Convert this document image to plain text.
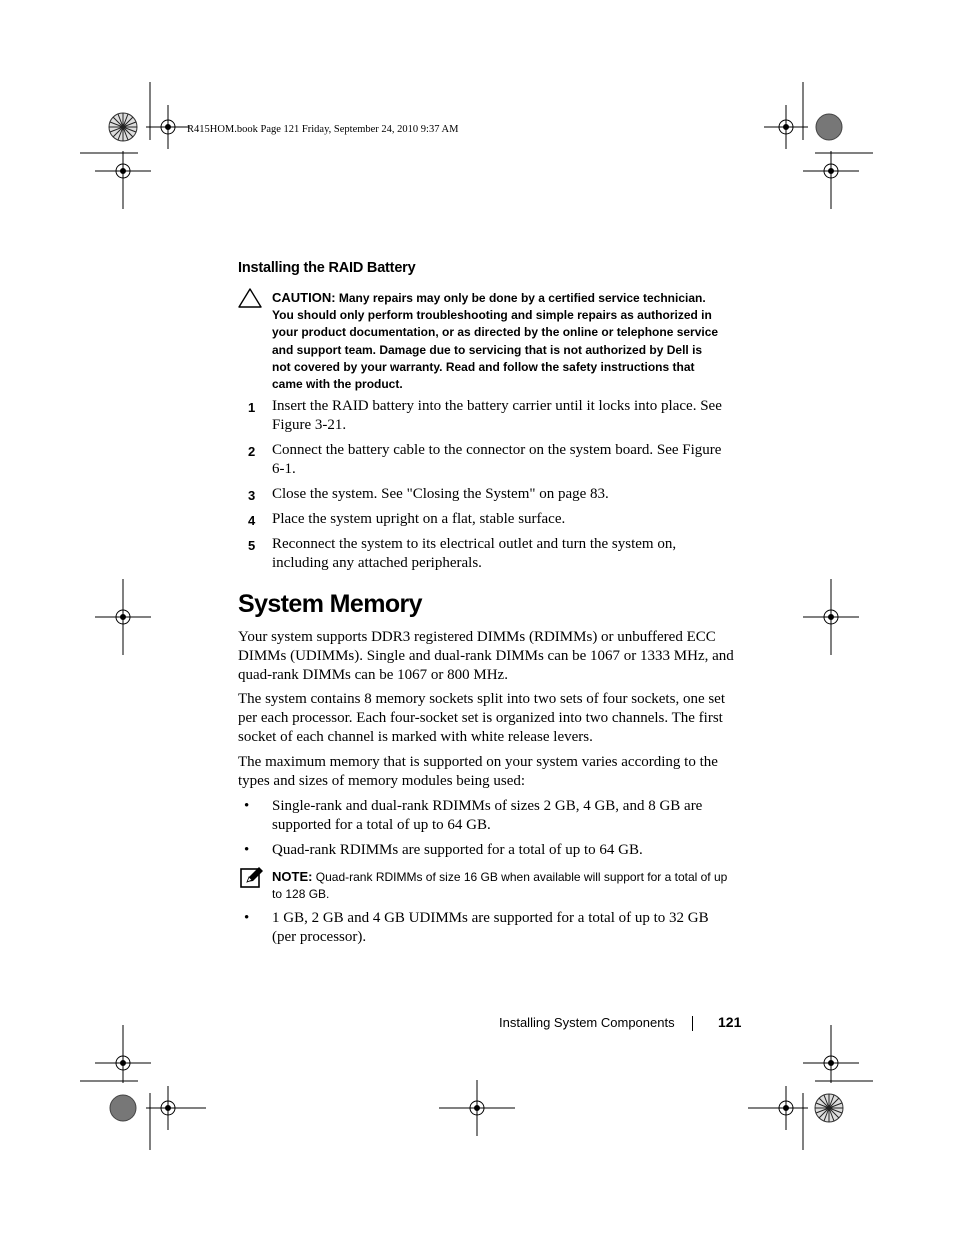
R415HOM.book Page 121 Friday, September 24, 2010 9:37 AM
Installing the RAID Battery
CAUTION: Many repairs may only be done by a certified service technician. You should only perform troubleshooting and simple repairs as authorized in your product documentation, or as directed by the online or telephone service and support team. Damage due to servicing that is not authorized by Dell is not covered by your warranty. Read and follow the safety instructions that came with the product.
1 Insert the RAID battery into the battery carrier until it locks into place. See Figure 3-21.
2 Connect the battery cable to the connector on the system board. See Figure 6-1.
3 Close the system. See "Closing the System" on page 83.
4 Place the system upright on a flat, stable surface.
5 Reconnect the system to its electrical outlet and turn the system on, including any attached peripherals.
System Memory
Your system supports DDR3 registered DIMMs (RDIMMs) or unbuffered ECC DIMMs (UDIMMs). Single and dual-rank DIMMs can be 1067 or 1333 MHz, and quad-rank DIMMs can be 1067 or 800 MHz.
The system contains 8 memory sockets split into two sets of four sockets, one set per each processor. Each four-socket set is organized into two channels. The first socket of each channel is marked with white release levers.
The maximum memory that is supported on your system varies according to the types and sizes of memory modules being used:
• Single-rank and dual-rank RDIMMs of sizes 2 GB, 4 GB, and 8 GB are supported for a total of up to 64 GB.
• Quad-rank RDIMMs are supported for a total of up to 64 GB.
NOTE: Quad-rank RDIMMs of size 16 GB when available will support for a total of up to 128 GB.
• 1 GB, 2 GB and 4 GB UDIMMs are supported for a total of up to 32 GB (per processor).
Installing System Components	121
